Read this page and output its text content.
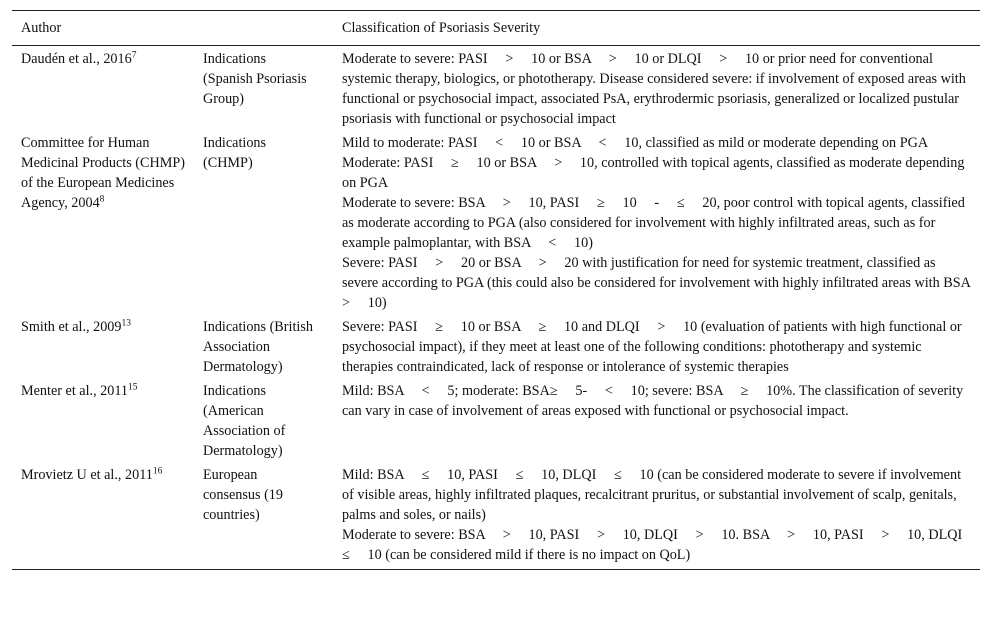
Author		Classification of Psoriasis Severity
Daudén et al., 2016$^7$	Indications (Spanish Psoriasis Group)	Moderate to severe: PASI     >     10 or BSA     >     10 or DLQI     >     10 or prior need for conventional systemic therapy, biologics, or phototherapy. Disease considered severe: if involvement of exposed areas with functional or psychosocial impact, associated PsA, erythrodermic psoriasis, generalized or localized pustular psoriasis with functional or psychosocial impact

Committee for Human Medicinal Products (CHMP) of the European Medicines Agency, 2004$^8$	Indications (CHMP)	Mild to moderate: PASI     <     10 or BSA     <     10, classified as mild or moderate depending on PGA
Moderate: PASI     ≥     10 or BSA     >     10, controlled with topical agents, classified as moderate depending on PGA
Moderate to severe: BSA     >     10, PASI     ≥     10     -     ≤     20, poor control with topical agents, classified as moderate according to PGA (also considered for involvement with highly infiltrated areas, such as for example palmoplantar, with BSA     <     10)
Severe: PASI     >     20 or BSA     >     20 with justification for need for systemic treatment, classified as severe according to PGA (this could also be considered for involvement with highly infiltrated areas with BSA     >     10)

Smith et al., 2009$^{13}$	Indications (British Association Dermatology)	Severe: PASI     ≥     10 or BSA     ≥     10 and DLQI     >     10 (evaluation of patients with high functional or psychosocial impact), if they meet at least one of the following conditions: phototherapy and systemic therapies contraindicated, lack of response or intolerance of systemic therapies

Menter et al., 2011$^{15}$	Indications (American Association of Dermatology)	Mild: BSA     <     5; moderate: BSA≥     5-     <     10; severe: BSA     ≥     10%. The classification of severity can vary in case of involvement of areas exposed with functional or psychosocial impact.

Mrovietz U et al., 2011$^{16}$	European consensus (19 countries)	Mild: BSA     ≤     10, PASI     ≤     10, DLQI     ≤     10 (can be considered moderate to severe if involvement of visible areas, highly infiltrated plaques, recalcitrant pruritus, or substantial involvement of scalp, genitals, palms and soles, or nails)
Moderate to severe: BSA     >     10, PASI     >     10, DLQI     >     10. BSA     >     10, PASI     >     10, DLQI     ≤     10 (can be considered mild if there is no impact on QoL)
